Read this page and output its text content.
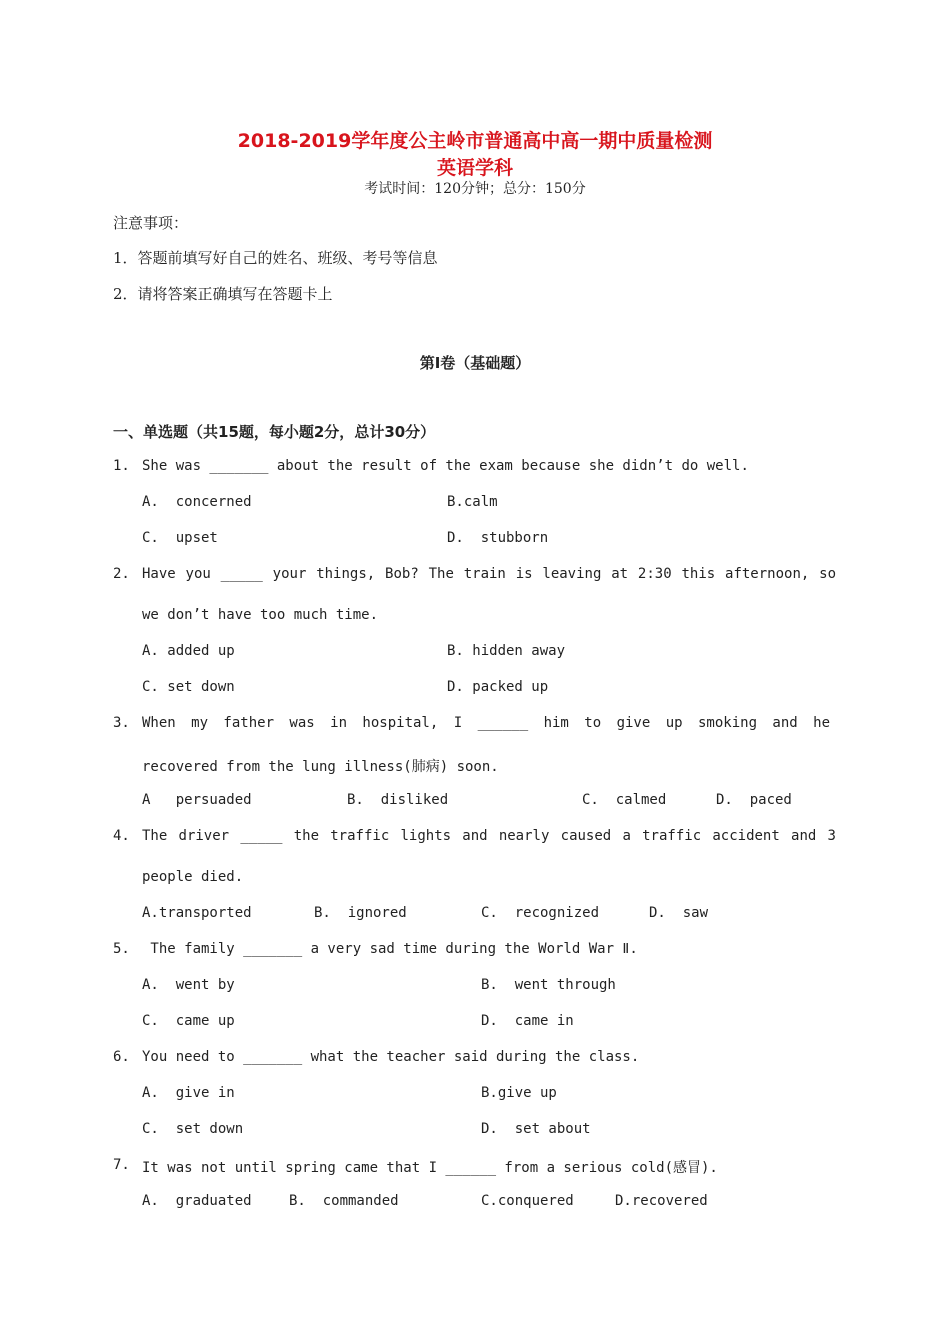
2018-2019学年度公主岭市普通高中高一期中质量检测
英语学科
考试时间：120分钟；总分：150分
注意事项：
1．答题前填写好自己的姓名、班级、考号等信息
2．请将答案正确填写在答题卡上
第I卷（基础题）
一、单选题（共15题，每小题2分，总计30分）
1. She was _______ about the result of the exam because she didn’t do well.
A.  concerned	B.calm
C.  upset	D.  stubborn
2. Have you _____ your things, Bob? The train is leaving at 2:30 this afternoon, so
we don’t have too much time.
A. added up	B. hidden away
C. set down	D. packed up
3. When my father was in hospital, I ______ him to give up smoking and he
recovered from the lung illness(肺病) soon.
A   persuaded	B.  disliked	C.  calmed	D.  paced
4. The driver _____ the traffic lights and nearly caused a traffic accident and 3
people died.
A.transported	B.  ignored	C.  recognized	D.  saw
5. The family _______ a very sad time during the World War Ⅱ.
A.  went by	B.  went through
C.  came up	D.  came in
6. You need to _______ what the teacher said during the class.
A.  give in	B.give up
C.  set down	D.  set about
7. It was not until spring came that I ______ from a serious cold(感冒).
A.  graduated	B.  commanded	C.conquered	D.recovered
